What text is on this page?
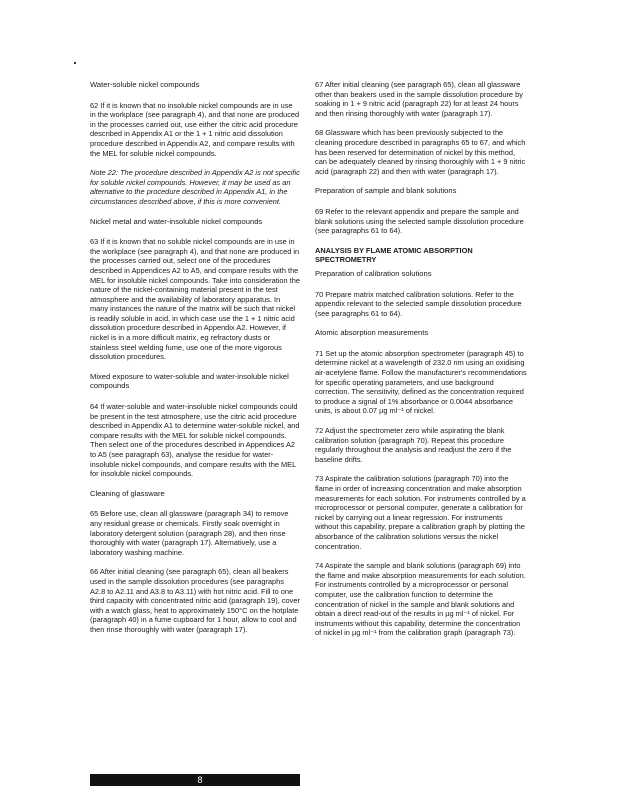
Water-soluble nickel compounds

62 If it is known that no insoluble nickel compounds are in use in the workplace (see paragraph 4), and that none are produced in the processes carried out, use either the citric acid procedure described in Appendix A1 or the 1 + 1 nitric acid dissolution procedure described in Appendix A2, and compare results with the MEL for soluble nickel compounds.

Note 22: The procedure described in Appendix A2 is not specific for soluble nickel compounds. However, it may be used as an alternative to the procedure described in Appendix A1, in the circumstances described above, if this is more convenient.

Nickel metal and water-insoluble nickel compounds

63 If it is known that no soluble nickel compounds are in use in the workplace (see paragraph 4), and that none are produced in the processes carried out, select one of the procedures described in Appendices A2 to A5, and compare results with the MEL for insoluble nickel compounds. Take into consideration the nature of the nickel-containing material present in the test atmosphere and the availability of laboratory apparatus. In many instances the nature of the matrix will be such that nickel is readily soluble in acid, in which case use the 1 + 1 nitric acid dissolution procedure described in Appendix A2. However, if nickel is in a more difficult matrix, eg refractory dusts or stainless steel welding fume, use one of the more vigorous dissolution procedures.

Mixed exposure to water-soluble and water-insoluble nickel compounds

64 If water-soluble and water-insoluble nickel compounds could be present in the test atmosphere, use the citric acid procedure described in Appendix A1 to determine water-soluble nickel, and compare results with the MEL for soluble nickel compounds. Then select one of the procedures described in Appendices A2 to A5 (see paragraph 63), analyse the residue for water-insoluble nickel compounds, and compare results with the MEL for insoluble nickel compounds.

Cleaning of glassware

65 Before use, clean all glassware (paragraph 34) to remove any residual grease or chemicals. Firstly soak overnight in laboratory detergent solution (paragraph 28), and then rinse thoroughly with water (paragraph 17). Alternatively, use a laboratory washing machine.

66 After initial cleaning (see paragraph 65), clean all beakers used in the sample dissolution procedures (see paragraphs A2.8 to A2.11 and A3.8 to A3.11) with hot nitric acid. Fill to one third capacity with concentrated nitric acid (paragraph 19), cover with a watch glass, heat to approximately 150°C on the hotplate (paragraph 40) in a fume cupboard for 1 hour, allow to cool and then rinse thoroughly with water (paragraph 17).

67 After initial cleaning (see paragraph 65), clean all glassware other than beakers used in the sample dissolution procedure by soaking in 1 + 9 nitric acid (paragraph 22) for at least 24 hours and then rinsing thoroughly with water (paragraph 17).

68 Glassware which has been previously subjected to the cleaning procedure described in paragraphs 65 to 67, and which has been reserved for determination of nickel by this method, can be adequately cleaned by rinsing thoroughly with 1 + 9 nitric acid (paragraph 22) and then with water (paragraph 17).

Preparation of sample and blank solutions

69 Refer to the relevant appendix and prepare the sample and blank solutions using the selected sample dissolution procedure (see paragraphs 61 to 64).

ANALYSIS BY FLAME ATOMIC ABSORPTION SPECTROMETRY
Preparation of calibration solutions

70 Prepare matrix matched calibration solutions. Refer to the appendix relevant to the selected sample dissolution procedure (see paragraphs 61 to 64).

Atomic absorption measurements

71 Set up the atomic absorption spectrometer (paragraph 45) to determine nickel at a wavelength of 232.0 nm using an oxidising air-acetylene flame. Follow the manufacturer's recommendations for specific operating parameters, and use background correction. The sensitivity, defined as the concentration required to produce a signal of 1% absorbance or 0.0044 absorbance units, is about 0.07 µg ml⁻¹ of nickel.

72 Adjust the spectrometer zero while aspirating the blank calibration solution (paragraph 70). Repeat this procedure regularly throughout the analysis and readjust the zero if the baseline drifts.

73 Aspirate the calibration solutions (paragraph 70) into the flame in order of increasing concentration and make absorption measurements for each solution. For instruments controlled by a microprocessor or personal computer, generate a calibration for nickel by carrying out a linear regression. For instruments without this capability, prepare a calibration graph by plotting the absorbance of the calibration solutions versus the nickel concentration.

74 Aspirate the sample and blank solutions (paragraph 69) into the flame and make absorption measurements for each solution. For instruments controlled by a microprocessor or personal computer, use the calibration function to determine the concentration of nickel in the sample and blank solutions and obtain a direct read-out of the results in µg ml⁻¹ of nickel. For instruments without this capability, determine the concentration of nickel in µg ml⁻¹ from the calibration graph (paragraph 73).

8
